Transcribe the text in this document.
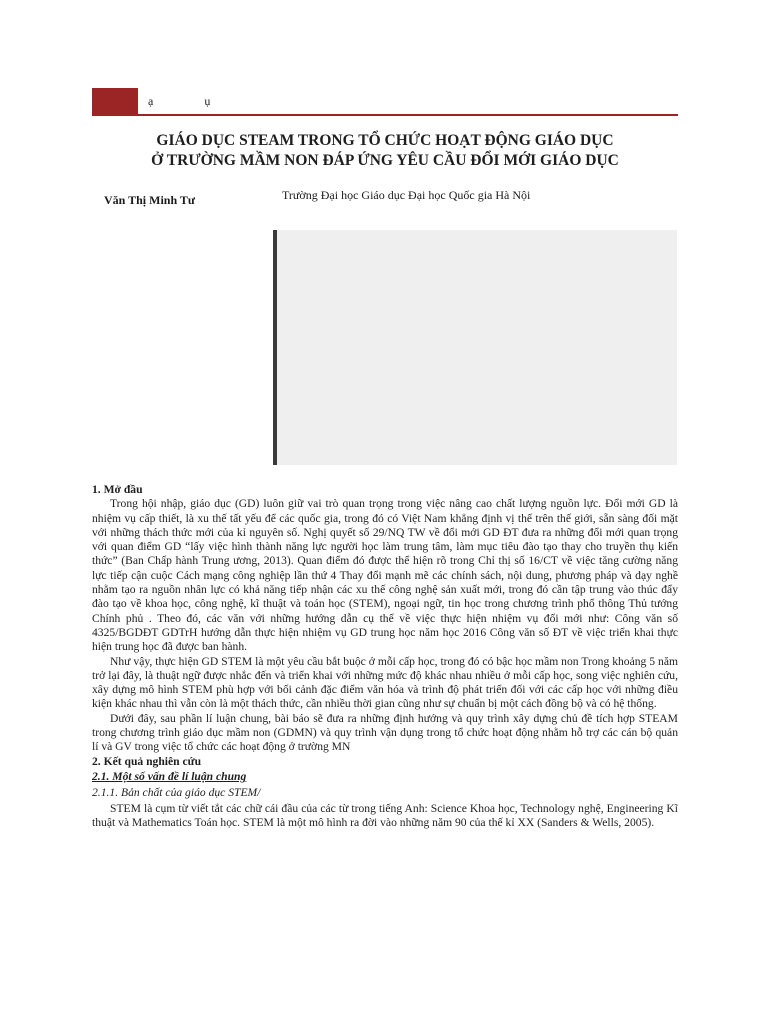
ạ ụ
GIÁO DỤC STEAM TRONG TỔ CHỨC HOẠT ĐỘNG GIÁO DỤC
Ở TRƯỜNG MẦM NON ĐÁP ỨNG YÊU CẦU ĐỔI MỚI GIÁO DỤC
Văn Thị Minh Tư	Trường Đại học Giáo dục Đại học Quốc gia Hà Nội
1. Mở đầu

Trong hội nhập, giáo dục (GD) luôn giữ vai trò quan trọng trong việc nâng cao chất lượng nguồn lực. Đổi mới GD là nhiệm vụ cấp thiết, là xu thế tất yếu để các quốc gia, trong đó có Việt Nam khẳng định vị thế trên thế giới, sẵn sàng đối mặt với những thách thức mới của kỉ nguyên số. Nghị quyết số 29/NQ TW về đổi mới GD ĐT đưa ra những đổi mới quan trọng với quan điểm GD “lấy việc hình thành năng lực người học làm trung tâm, làm mục tiêu đào tạo thay cho truyền thụ kiến thức” (Ban Chấp hành Trung ương, 2013). Quan điểm đó được thể hiện rõ trong Chỉ thị số 16/CT về việc tăng cường năng lực tiếp cận cuộc Cách mạng công nghiệp lần thứ 4 Thay đổi mạnh mẽ các chính sách, nội dung, phương pháp và dạy nghề nhằm tạo ra nguồn nhân lực có khả năng tiếp nhận các xu thế công nghệ sản xuất mới, trong đó cần tập trung vào thúc đẩy đào tạo về khoa học, công nghệ, kĩ thuật và toán học (STEM), ngoại ngữ, tin học trong chương trình phổ thông Thủ tướng Chính phủ . Theo đó, các văn với những hướng dẫn cụ thể về việc thực hiện nhiệm vụ đổi mới như: Công văn số 4325/BGDĐT GDTrH hướng dẫn thực hiện nhiệm vụ GD trung học năm học 2016 Công văn số ĐT về việc triển khai thực hiện trung học đã được ban hành.

Như vậy, thực hiện GD STEM là một yêu cầu bắt buộc ở mỗi cấp học, trong đó có bậc học mầm non Trong khoảng 5 năm trở lại đây, là thuật ngữ được nhắc đến và triển khai với những mức độ khác nhau nhiều ở mỗi cấp học, song việc nghiên cứu, xây dựng mô hình STEM phù hợp với bối cảnh đặc điểm văn hóa và trình độ phát triển đối với các cấp học với những điều kiện khác nhau thì vẫn còn là một thách thức, cần nhiều thời gian cũng như sự chuẩn bị một cách đồng bộ và có hệ thống.

Dưới đây, sau phần lí luận chung, bài báo sẽ đưa ra những định hướng và quy trình xây dựng chủ đề tích hợp STEAM trong chương trình giáo dục mầm non (GDMN) và quy trình vận dụng trong tổ chức hoạt động nhằm hỗ trợ các cán bộ quản lí và GV trong việc tổ chức các hoạt động ở trường MN

2. Kết quả nghiên cứu
2.1. Một số vấn đề lí luận chung
2.1.1. Bản chất của giáo dục STEM/

STEM là cụm từ viết tắt các chữ cái đầu của các từ trong tiếng Anh: Science Khoa học, Technology nghệ, Engineering Kĩ thuật và Mathematics Toán học. STEM là một mô hình ra đời vào những năm 90 của thế kỉ XX (Sanders & Wells, 2005).
